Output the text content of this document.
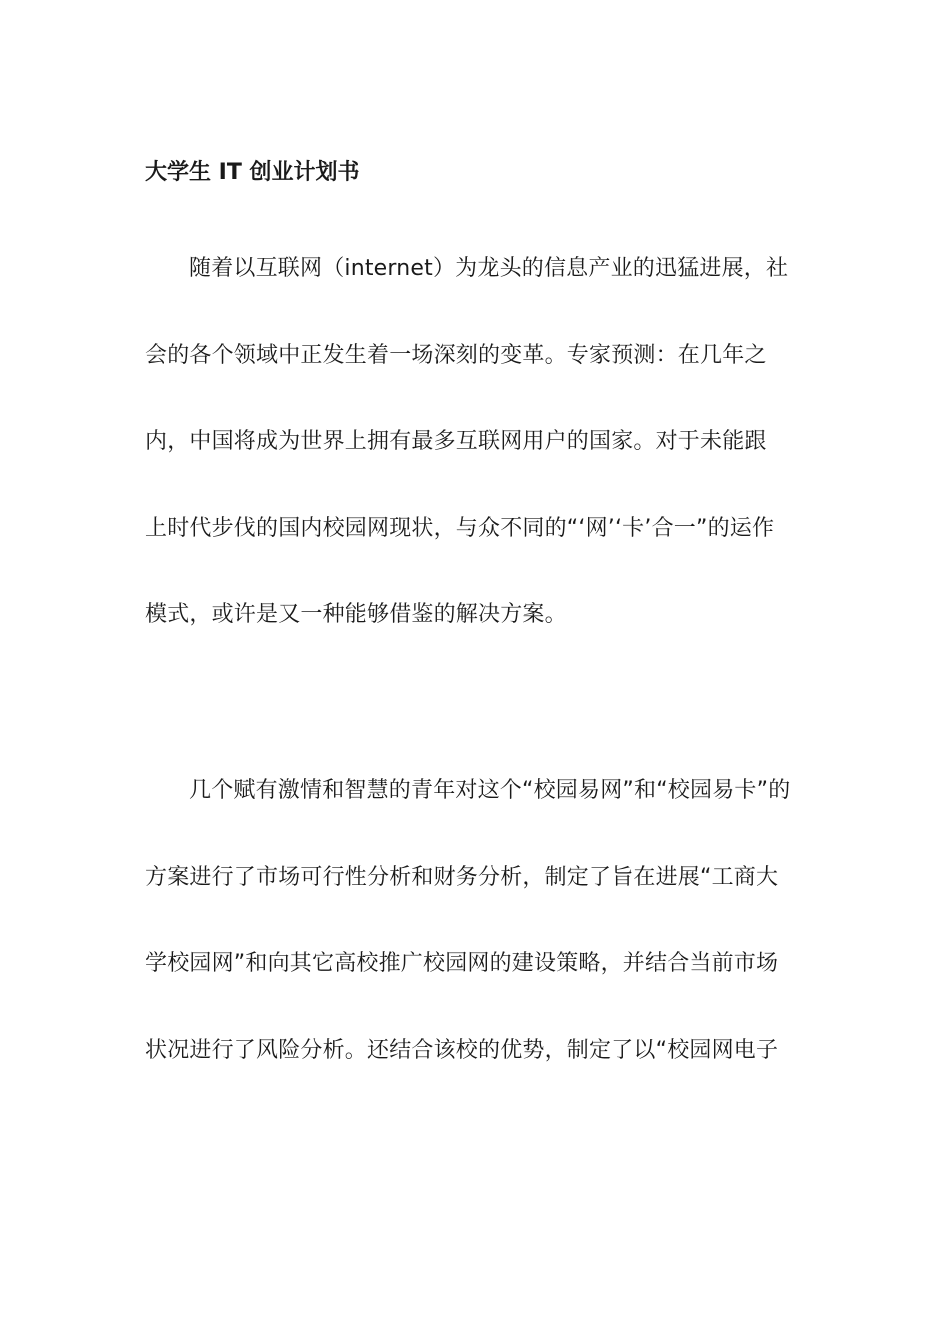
大学生 IT 创业计划书
随着以互联网（internet）为龙头的信息产业的迅猛进展，社
会的各个领域中正发生着一场深刻的变革。专家预测：在几年之
内，中国将成为世界上拥有最多互联网用户的国家。对于未能跟
上时代步伐的国内校园网现状，与众不同的“‘网’‘卡’合一”的运作
模式，或许是又一种能够借鉴的解决方案。
几个赋有激情和智慧的青年对这个“校园易网”和“校园易卡”的
方案进行了市场可行性分析和财务分析，制定了旨在进展“工商大
学校园网”和向其它高校推广校园网的建设策略，并结合当前市场
状况进行了风险分析。还结合该校的优势，制定了以“校园网电子
